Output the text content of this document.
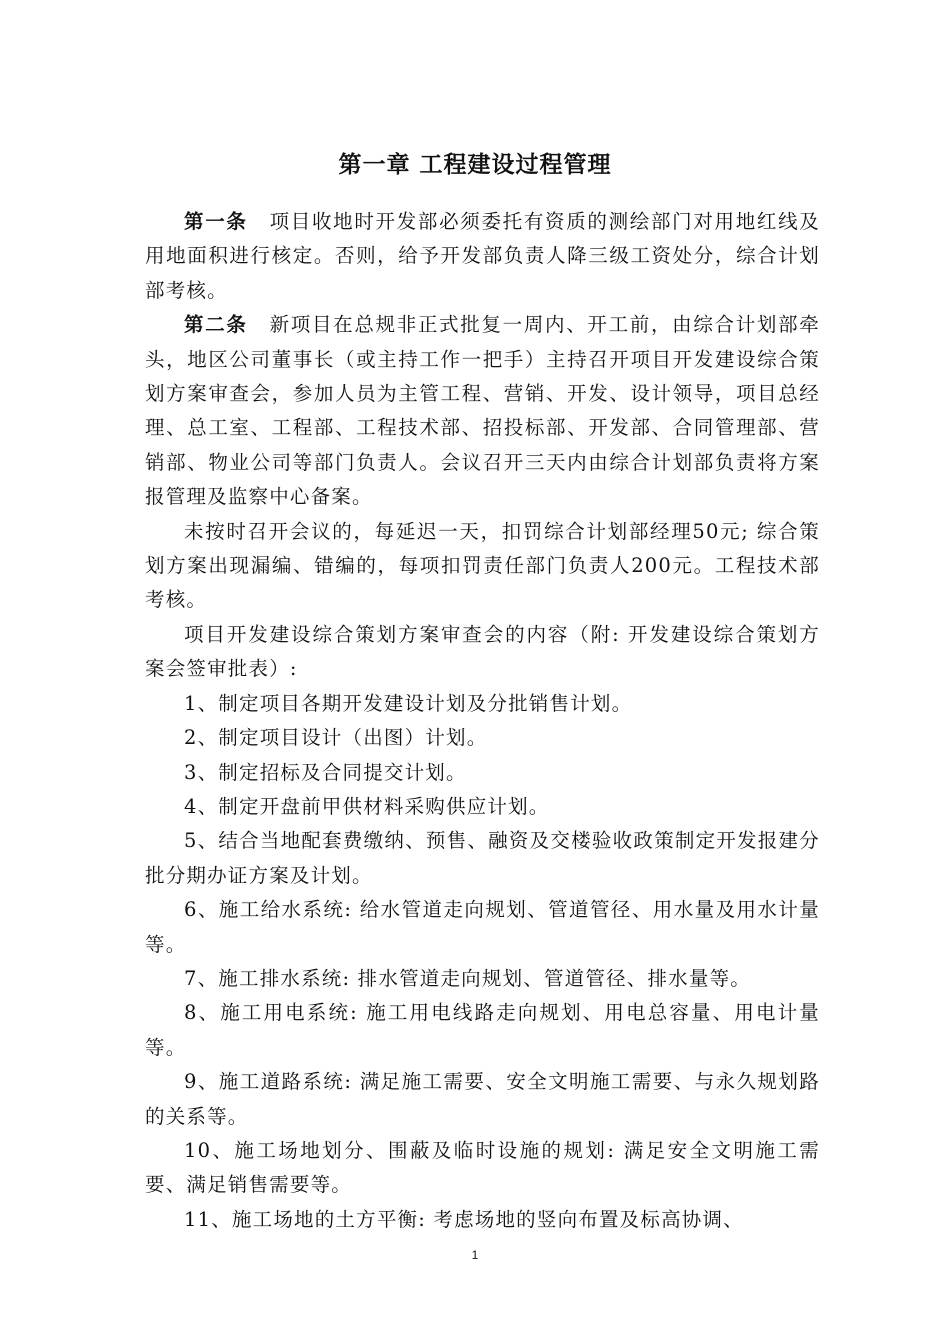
第一章 工程建设过程管理

第一条 项目收地时开发部必须委托有资质的测绘部门对用地红线及用地面积进行核定。否则，给予开发部负责人降三级工资处分，综合计划部考核。

第二条 新项目在总规非正式批复一周内、开工前，由综合计划部牵头，地区公司董事长（或主持工作一把手）主持召开项目开发建设综合策划方案审查会，参加人员为主管工程、营销、开发、设计领导，项目总经理、总工室、工程部、工程技术部、招投标部、开发部、合同管理部、营销部、物业公司等部门负责人。会议召开三天内由综合计划部负责将方案报管理及监察中心备案。

未按时召开会议的，每延迟一天，扣罚综合计划部经理50元; 综合策划方案出现漏编、错编的，每项扣罚责任部门负责人200元。工程技术部考核。

项目开发建设综合策划方案审查会的内容（附: 开发建设综合策划方案会签审批表）:

1、制定项目各期开发建设计划及分批销售计划。

2、制定项目设计（出图）计划。

3、制定招标及合同提交计划。

4、制定开盘前甲供材料采购供应计划。

5、结合当地配套费缴纳、预售、融资及交楼验收政策制定开发报建分批分期办证方案及计划。

6、施工给水系统: 给水管道走向规划、管道管径、用水量及用水计量等。

7、施工排水系统: 排水管道走向规划、管道管径、排水量等。

8、施工用电系统: 施工用电线路走向规划、用电总容量、用电计量等。

9、施工道路系统: 满足施工需要、安全文明施工需要、与永久规划路的关系等。

10、施工场地划分、围蔽及临时设施的规划: 满足安全文明施工需要、满足销售需要等。

11、施工场地的土方平衡: 考虑场地的竖向布置及标高协调、

1
